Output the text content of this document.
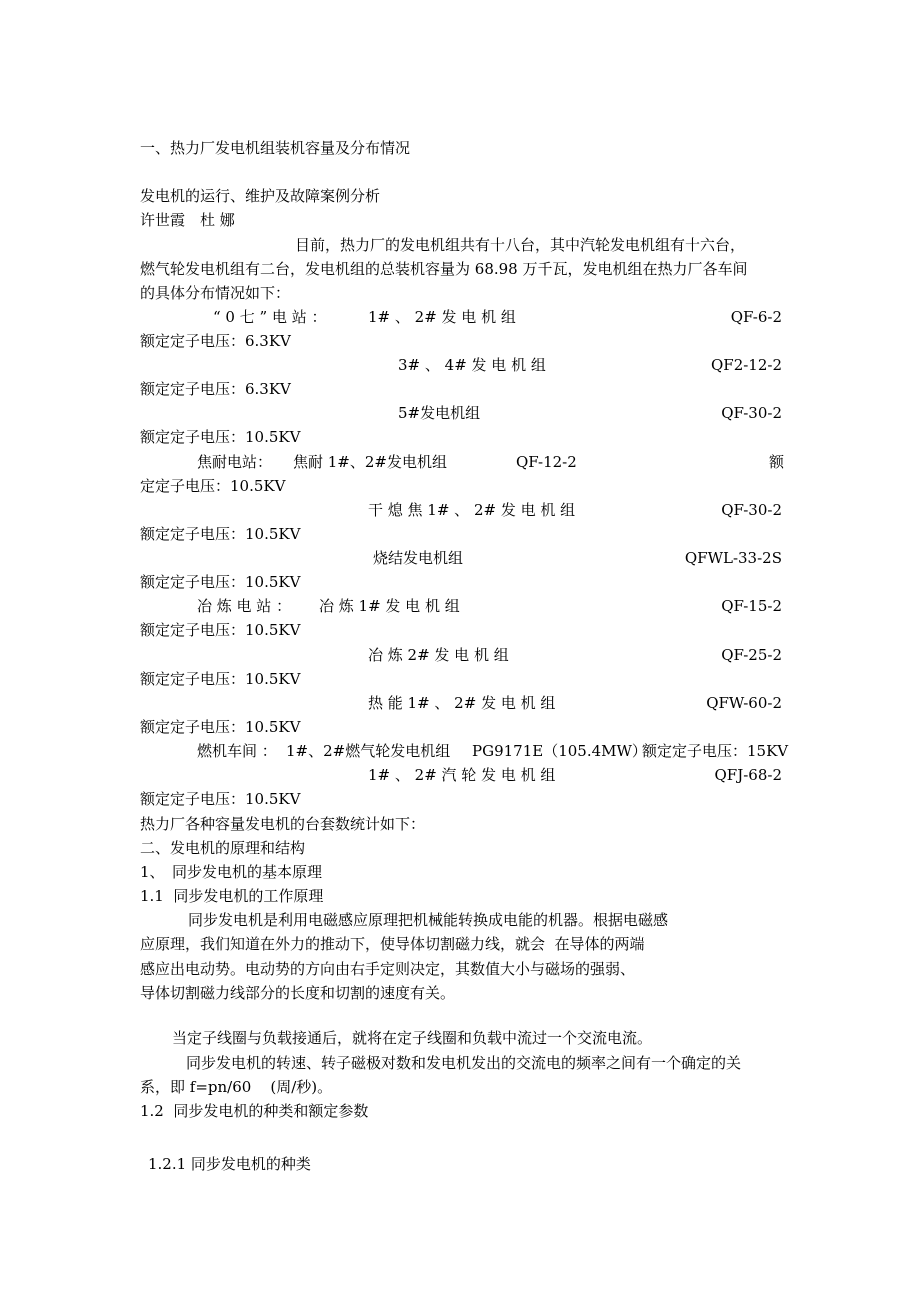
一、热力厂发电机组装机容量及分布情况
发电机的运行、维护及故障案例分析
许世霞　杜 娜
目前，热力厂的发电机组共有十八台，其中汽轮发电机组有十六台，
燃气轮发电机组有二台，发电机组的总装机容量为 68.98 万千瓦，发电机组在热力厂各车间
的具体分布情况如下：
“ 0 七 ” 电 站 ：	1# 、 2# 发 电 机 组	QF-6-2
额定定子电压：6.3KV
3# 、 4# 发 电 机 组	QF2-12-2
额定定子电压：6.3KV
5#发电机组	QF-30-2
额定定子电压：10.5KV
焦耐电站： 焦耐 1#、2#发电机组	QF-12-2	额
定定子电压：10.5KV
干 熄 焦 1# 、 2# 发 电 机 组	QF-30-2
额定定子电压：10.5KV
烧结发电机组	QFWL-33-2S
额定定子电压：10.5KV
冶 炼 电 站 ： 冶 炼 1# 发 电 机 组	QF-15-2
额定定子电压：10.5KV
冶 炼 2# 发 电 机 组	QF-25-2
额定定子电压：10.5KV
热 能 1# 、 2# 发 电 机 组	QFW-60-2
额定定子电压：10.5KV
燃机车间 ： 1#、2#燃气轮发电机组 PG9171E（105.4MW）
额定定子电压：15KV
1# 、 2# 汽 轮 发 电 机 组	QFJ-68-2
额定定子电压：10.5KV
热力厂各种容量发电机的台套数统计如下：
二、发电机的原理和结构
1、　同步发电机的基本原理
1.1  同步发电机的工作原理
同步发电机是利用电磁感应原理把机械能转换成电能的机器。根据电磁感
应原理，我们知道在外力的推动下，使导体切割磁力线，就会  在导体的两端
感应出电动势。电动势的方向由右手定则决定，其数值大小与磁场的强弱、
导体切割磁力线部分的长度和切割的速度有关。
当定子线圈与负载接通后，就将在定子线圈和负载中流过一个交流电流。
同步发电机的转速、转子磁极对数和发电机发出的交流电的频率之间有一个确定的关
系，即 f=pn/60    (周/秒)。
1.2  同步发电机的种类和额定参数
1.2.1 同步发电机的种类
